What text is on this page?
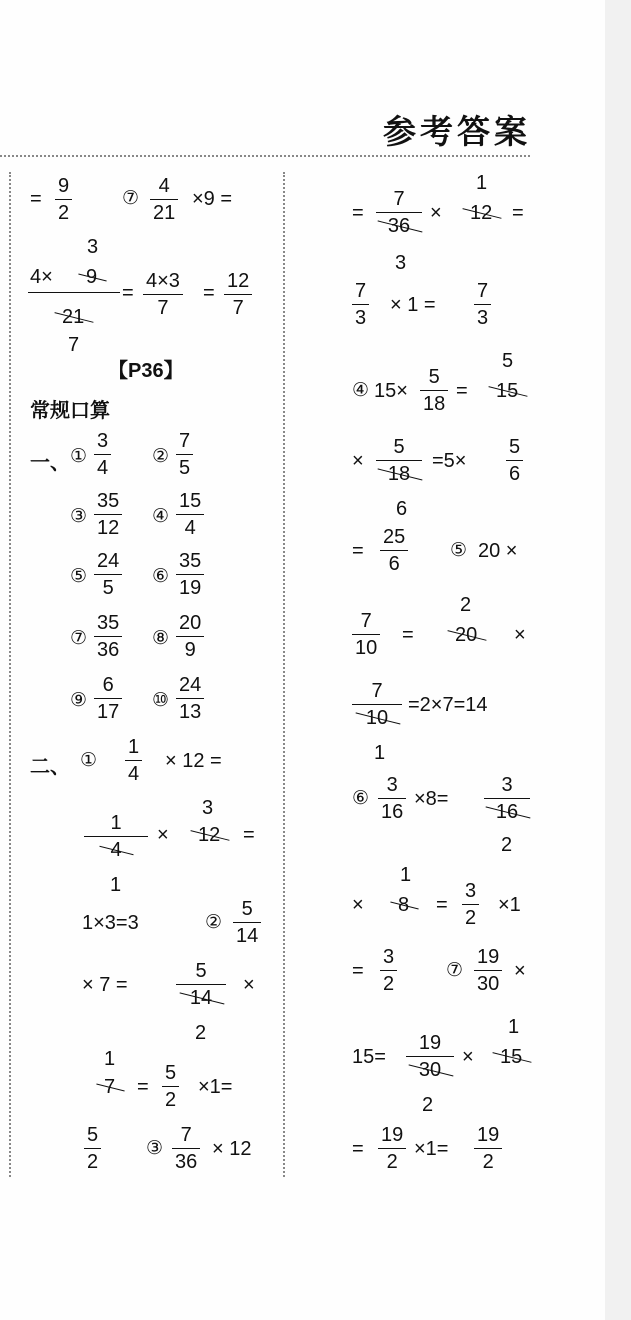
参考答案
=
9
2
⑦
4
21
×9 =
3
4× 9
21
=
4×3
7
=
12
7
7
【P36】
常规口算
一、 ①
3
4
②
7
5
③
35
12
④
15
4
⑤
24
5
⑥
35
19
⑦
35
36
⑧
20
9
⑨
6
17
⑩
24
13
二、 ①
1
4
× 12 =
3
1
4
× 12 =
1
1×3=3	②
5
14
× 7 =
5
14
×
2
1
7 =
5
2
×1=
5
2
③
7
36
× 12
1
=
7
36
× 12 =
3
7
3
× 1 =
7
3
④ 15×
5
18
=
5
15
×
5
18
=5×
5
6
6
=
25
6
⑤ 20 ×
7
10
=
2
20 ×
7
10
=2×7=14
1
⑥
3
16
×8=
3
16
2
1
× 8 =
3
2
×1
=
3
2
⑦
19
30
×
1
15=
19
30
× 15
2
=
19
2
×1=
19
2
